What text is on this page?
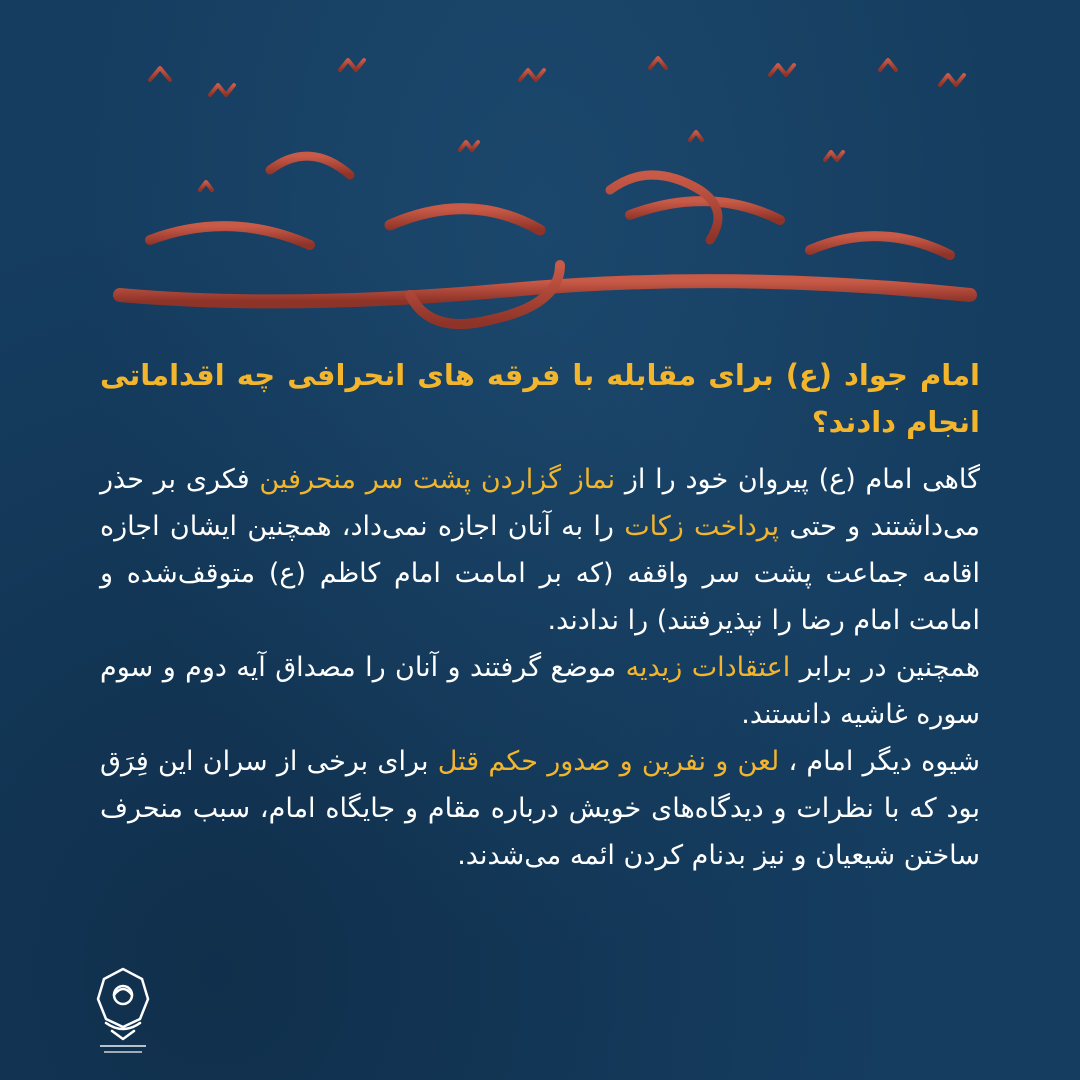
امام جواد (ع) برای مقابله با فرقه های انحرافی چه اقداماتی انجام دادند؟

گاهی امام (ع) پیروان خود را از نماز گزاردن پشت سر منحرفین فکری بر حذر می‌داشتند و حتی پرداخت زکات را به آنان اجازه نمی‌داد، همچنین ایشان اجازه اقامه جماعت پشت سر واقفه (که بر امامت امام کاظم (ع) متوقف‌شده و امامت امام رضا را نپذیرفتند) را ندادند.

همچنین در برابر اعتقادات زیدیه موضع گرفتند و آنان را مصداق آیه دوم و سوم سوره غاشیه دانستند.

شیوه دیگر امام ، لعن و نفرین و صدور حکم قتل برای برخی از سران این فِرَق بود که با نظرات و دیدگاه‌های خویش درباره مقام و جایگاه امام، سبب منحرف ساختن شیعیان و نیز بدنام کردن ائمه می‌شدند.
